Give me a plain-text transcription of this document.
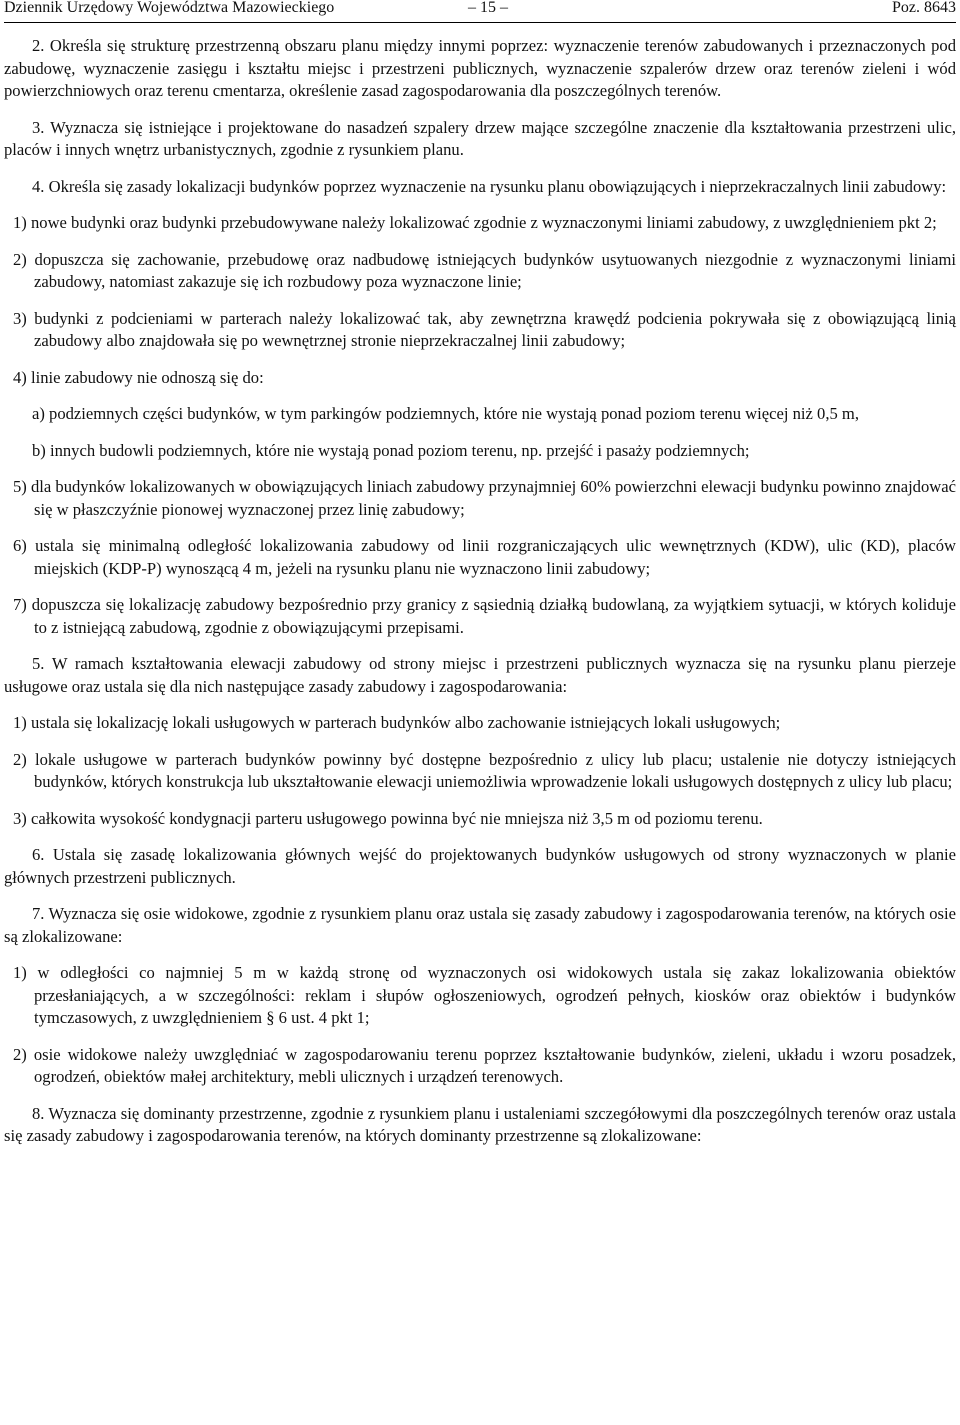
Dziennik Urzędowy Województwa Mazowieckiego	– 15 –	Poz. 8643

2. Określa się strukturę przestrzenną obszaru planu między innymi poprzez: wyznaczenie terenów zabudowanych i przeznaczonych pod zabudowę, wyznaczenie zasięgu i kształtu miejsc i przestrzeni publicznych, wyznaczenie szpalerów drzew oraz terenów zieleni i wód powierzchniowych oraz terenu cmentarza, określenie zasad zagospodarowania dla poszczególnych terenów.

3. Wyznacza się istniejące i projektowane do nasadzeń szpalery drzew mające szczególne znaczenie dla kształtowania przestrzeni ulic, placów i innych wnętrz urbanistycznych, zgodnie z rysunkiem planu.

4. Określa się zasady lokalizacji budynków poprzez wyznaczenie na rysunku planu obowiązujących i nieprzekraczalnych linii zabudowy:

1) nowe budynki oraz budynki przebudowywane należy lokalizować zgodnie z wyznaczonymi liniami zabudowy, z uwzględnieniem pkt 2;

2) dopuszcza się zachowanie, przebudowę oraz nadbudowę istniejących budynków usytuowanych niezgodnie z wyznaczonymi liniami zabudowy, natomiast zakazuje się ich rozbudowy poza wyznaczone linie;

3) budynki z podcieniami w parterach należy lokalizować tak, aby zewnętrzna krawędź podcienia pokrywała się z obowiązującą linią zabudowy albo znajdowała się po wewnętrznej stronie nieprzekraczalnej linii zabudowy;

4) linie zabudowy nie odnoszą się do:

a) podziemnych części budynków, w tym parkingów podziemnych, które nie wystają ponad poziom terenu więcej niż 0,5 m,

b) innych budowli podziemnych, które nie wystają ponad poziom terenu, np. przejść i pasaży podziemnych;

5) dla budynków lokalizowanych w obowiązujących liniach zabudowy przynajmniej 60% powierzchni elewacji budynku powinno znajdować się w płaszczyźnie pionowej wyznaczonej przez linię zabudowy;

6) ustala się minimalną odległość lokalizowania zabudowy od linii rozgraniczających ulic wewnętrznych (KDW), ulic (KD), placów miejskich (KDP-P) wynoszącą 4 m, jeżeli na rysunku planu nie wyznaczono linii zabudowy;

7) dopuszcza się lokalizację zabudowy bezpośrednio przy granicy z sąsiednią działką budowlaną, za wyjątkiem sytuacji, w których koliduje to z istniejącą zabudową, zgodnie z obowiązującymi przepisami.

5. W ramach kształtowania elewacji zabudowy od strony miejsc i przestrzeni publicznych wyznacza się na rysunku planu pierzeje usługowe oraz ustala się dla nich następujące zasady zabudowy i zagospodarowania:

1) ustala się lokalizację lokali usługowych w parterach budynków albo zachowanie istniejących lokali usługowych;

2) lokale usługowe w parterach budynków powinny być dostępne bezpośrednio z ulicy lub placu; ustalenie nie dotyczy istniejących budynków, których konstrukcja lub ukształtowanie elewacji uniemożliwia wprowadzenie lokali usługowych dostępnych z ulicy lub placu;

3) całkowita wysokość kondygnacji parteru usługowego powinna być nie mniejsza niż 3,5 m od poziomu terenu.

6. Ustala się zasadę lokalizowania głównych wejść do projektowanych budynków usługowych od strony wyznaczonych w planie głównych przestrzeni publicznych.

7. Wyznacza się osie widokowe, zgodnie z rysunkiem planu oraz ustala się zasady zabudowy i zagospodarowania terenów, na których osie są zlokalizowane:

1) w odległości co najmniej 5 m w każdą stronę od wyznaczonych osi widokowych ustala się zakaz lokalizowania obiektów przesłaniających, a w szczególności: reklam i słupów ogłoszeniowych, ogrodzeń pełnych, kiosków oraz obiektów i budynków tymczasowych, z uwzględnieniem § 6 ust. 4 pkt 1;

2) osie widokowe należy uwzględniać w zagospodarowaniu terenu poprzez kształtowanie budynków, zieleni, układu i wzoru posadzek, ogrodzeń, obiektów małej architektury, mebli ulicznych i urządzeń terenowych.

8. Wyznacza się dominanty przestrzenne, zgodnie z rysunkiem planu i ustaleniami szczegółowymi dla poszczególnych terenów oraz ustala się zasady zabudowy i zagospodarowania terenów, na których dominanty przestrzenne są zlokalizowane:
